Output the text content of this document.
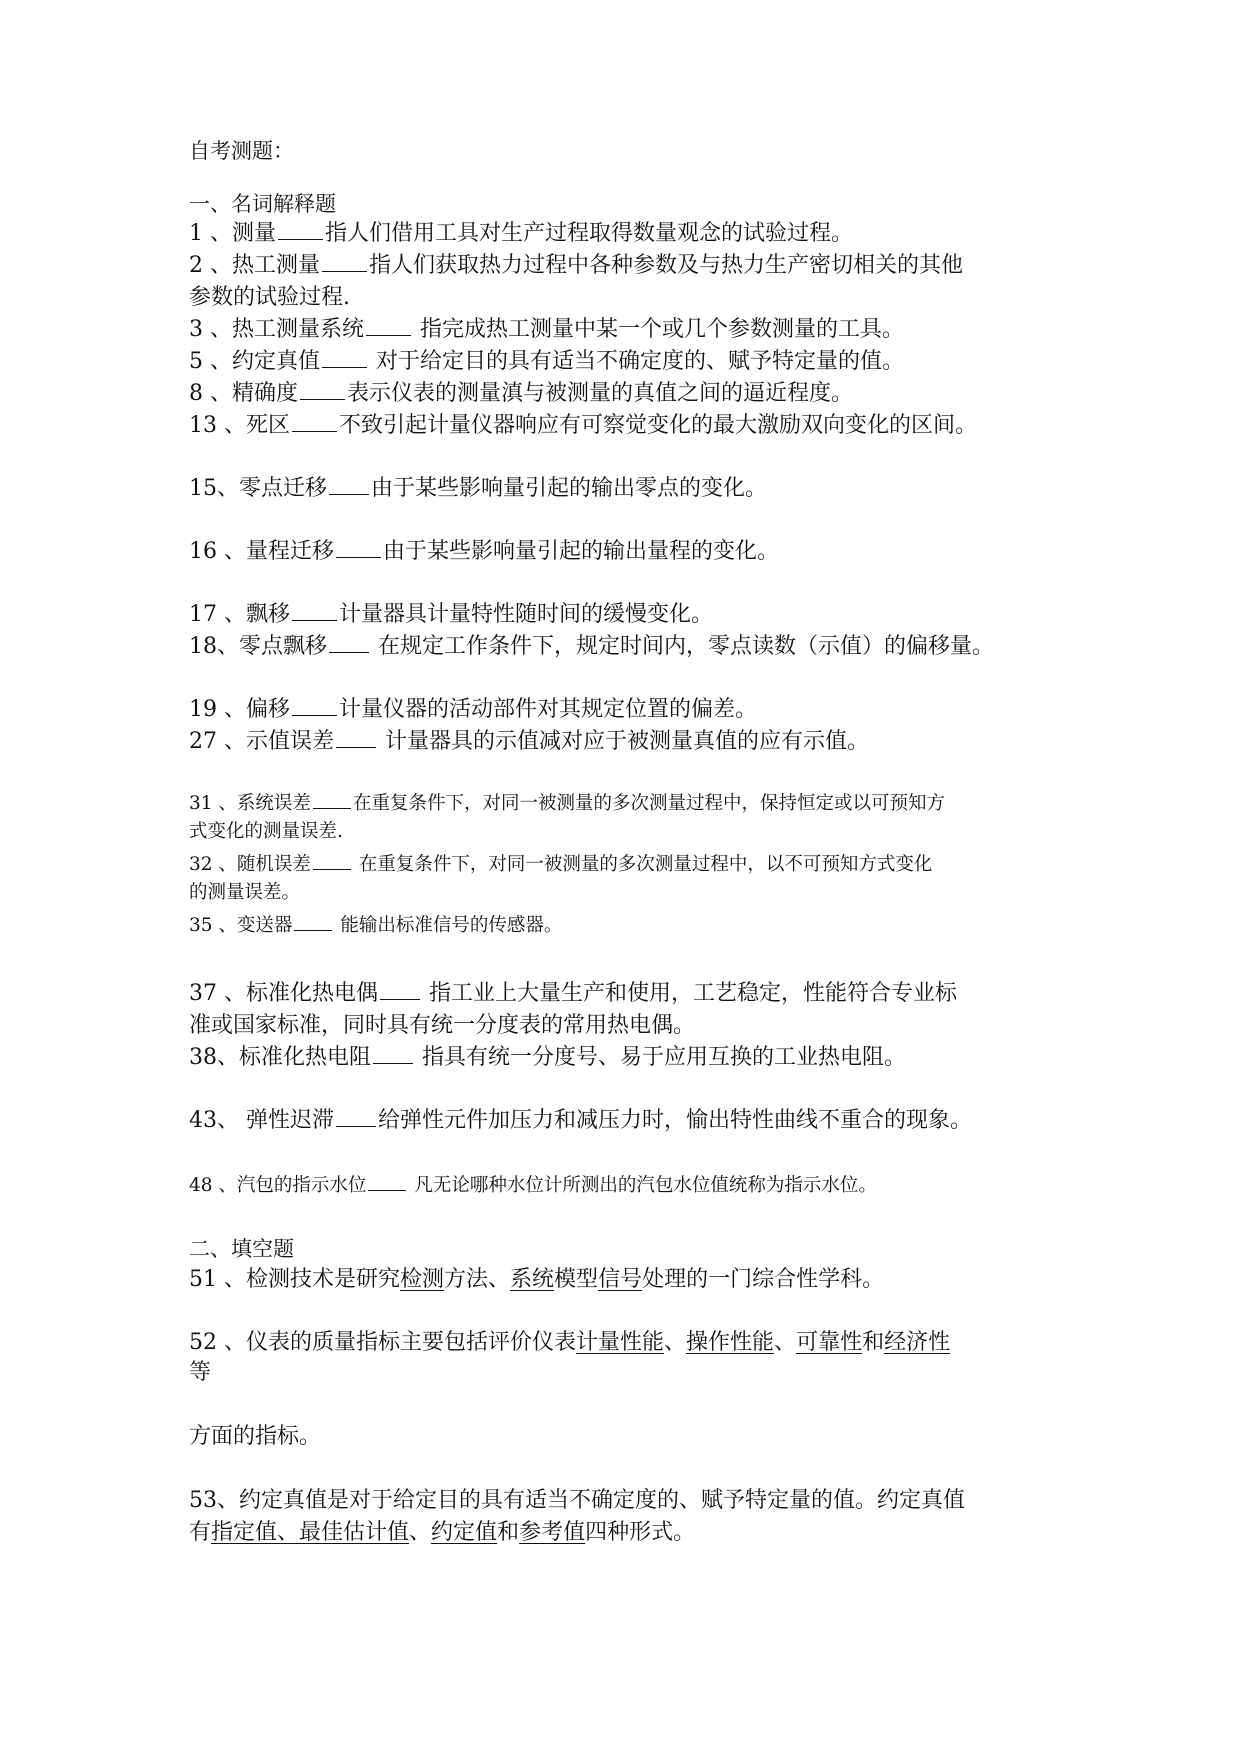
自考测题：

一、名词解释题

1 、测量 指人们借用工具对生产过程取得数量观念的试验过程。

2 、热工测量 指人们获取热力过程中各种参数及与热力生产密切相关的其他

参数的试验过程.

3 、热工测量系统 指完成热工测量中某一个或几个参数测量的工具。

5 、约定真值 对于给定目的具有适当不确定度的、赋予特定量的值。

8 、精确度 表示仪表的测量滇与被测量的真值之间的逼近程度。

13 、死区 不致引起计量仪器响应有可察觉变化的最大激励双向变化的区间。

15、零点迁移 由于某些影响量引起的输出零点的变化。

16 、量程迁移 由于某些影响量引起的输出量程的变化。

17 、飘移 计量器具计量特性随时间的缓慢变化。

18、零点飘移 在规定工作条件下，规定时间内，零点读数（示值）的偏移量。

19 、偏移 计量仪器的活动部件对其规定位置的偏差。

27 、示值误差 计量器具的示值减对应于被测量真值的应有示值。

31 、系统误差 在重复条件下，对同一被测量的多次测量过程中，保持恒定或以可预知方

式变化的测量误差.

32 、随机误差 在重复条件下，对同一被测量的多次测量过程中，以不可预知方式变化

的测量误差。

35 、变送器 能输出标准信号的传感器。

37 、标准化热电偶 指工业上大量生产和使用，工艺稳定，性能符合专业标

准或国家标准，同时具有统一分度表的常用热电偶。

38、标准化热电阻 指具有统一分度号、易于应用互换的工业热电阻。

43、 弹性迟滞 给弹性元件加压力和减压力时，愉出特性曲线不重合的现象。

48 、汽包的指示水位 凡无论哪种水位计所测出的汽包水位值统称为指示水位。

二、填空题

51 、检测技术是研究检测方法、系统模型信号处理的一门综合性学科。

52 、仪表的质量指标主要包括评价仪表计量性能、操作性能、可靠性和经济性

等

方面的指标。

53、约定真值是对于给定目的具有适当不确定度的、赋予特定量的值。约定真值

有指定值、最佳估计值、约定值和参考值四种形式。
